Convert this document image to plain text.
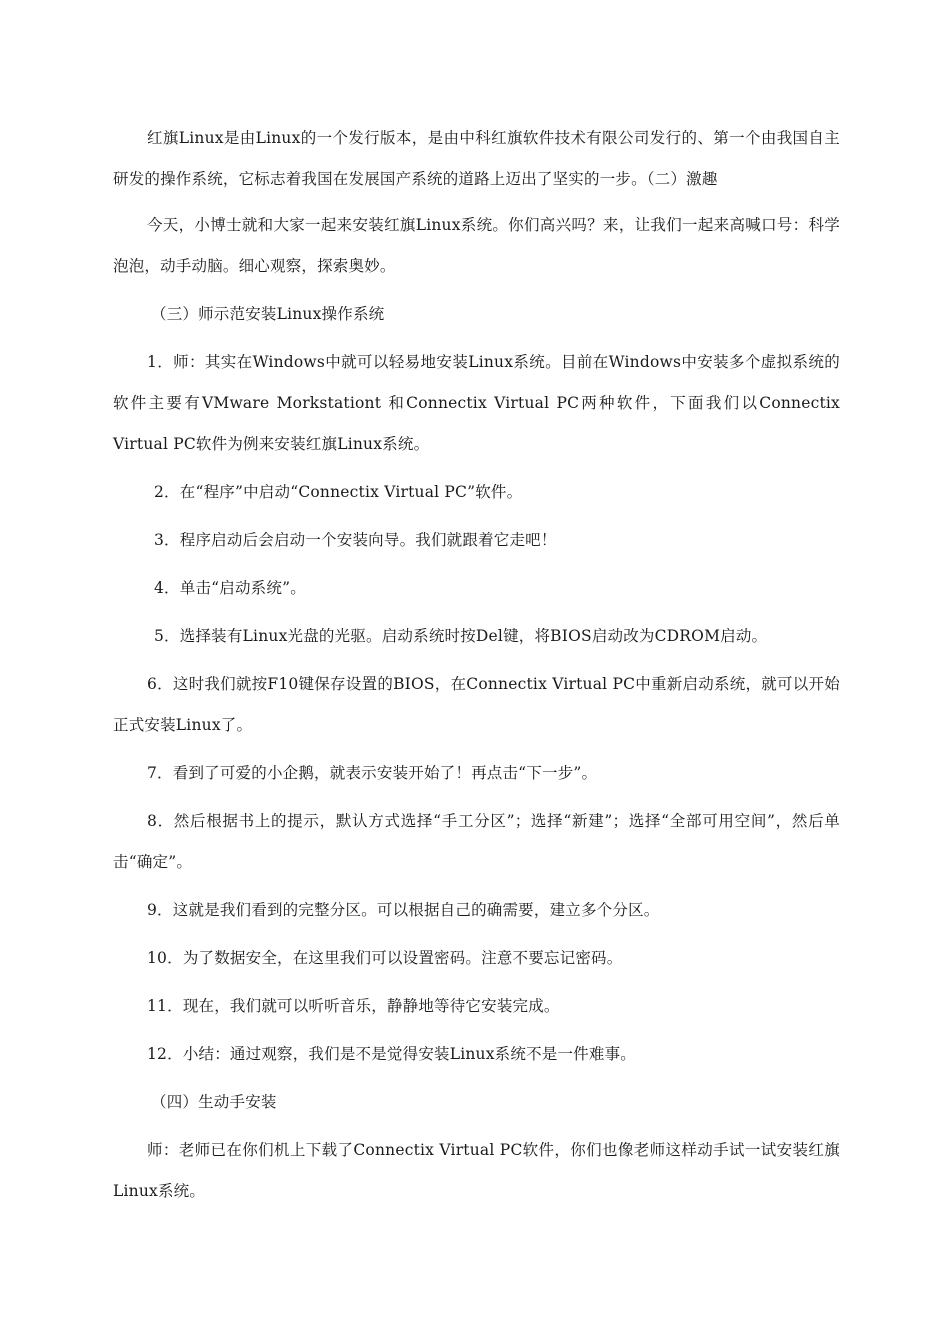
红旗Linux是由Linux的一个发行版本，是由中科红旗软件技术有限公司发行的、第一个由我国自主研发的操作系统，它标志着我国在发展国产系统的道路上迈出了坚实的一步。（二）激趣

今天，小博士就和大家一起来安装红旗Linux系统。你们高兴吗？来，让我们一起来高喊口号：科学泡泡，动手动脑。细心观察，探索奥妙。

（三）师示范安装Linux操作系统

1．师：其实在Windows中就可以轻易地安装Linux系统。目前在Windows中安装多个虚拟系统的软件主要有VMware Morkstationt 和Connectix Virtual PC两种软件，下面我们以Connectix Virtual PC软件为例来安装红旗Linux系统。

2．在“程序”中启动“Connectix Virtual PC”软件。

3．程序启动后会启动一个安装向导。我们就跟着它走吧！

4．单击“启动系统”。

5．选择装有Linux光盘的光驱。启动系统时按Del键，将BIOS启动改为CDROM启动。

6．这时我们就按F10键保存设置的BIOS，在Connectix Virtual PC中重新启动系统，就可以开始正式安装Linux了。

7．看到了可爱的小企鹅，就表示安装开始了！再点击“下一步”。

8．然后根据书上的提示，默认方式选择“手工分区”；选择“新建”；选择“全部可用空间”，然后单击“确定”。

9．这就是我们看到的完整分区。可以根据自己的确需要，建立多个分区。

10．为了数据安全，在这里我们可以设置密码。注意不要忘记密码。

11．现在，我们就可以听听音乐，静静地等待它安装完成。

12．小结：通过观察，我们是不是觉得安装Linux系统不是一件难事。

（四）生动手安装

师：老师已在你们机上下载了Connectix Virtual PC软件，你们也像老师这样动手试一试安装红旗Linux系统。
